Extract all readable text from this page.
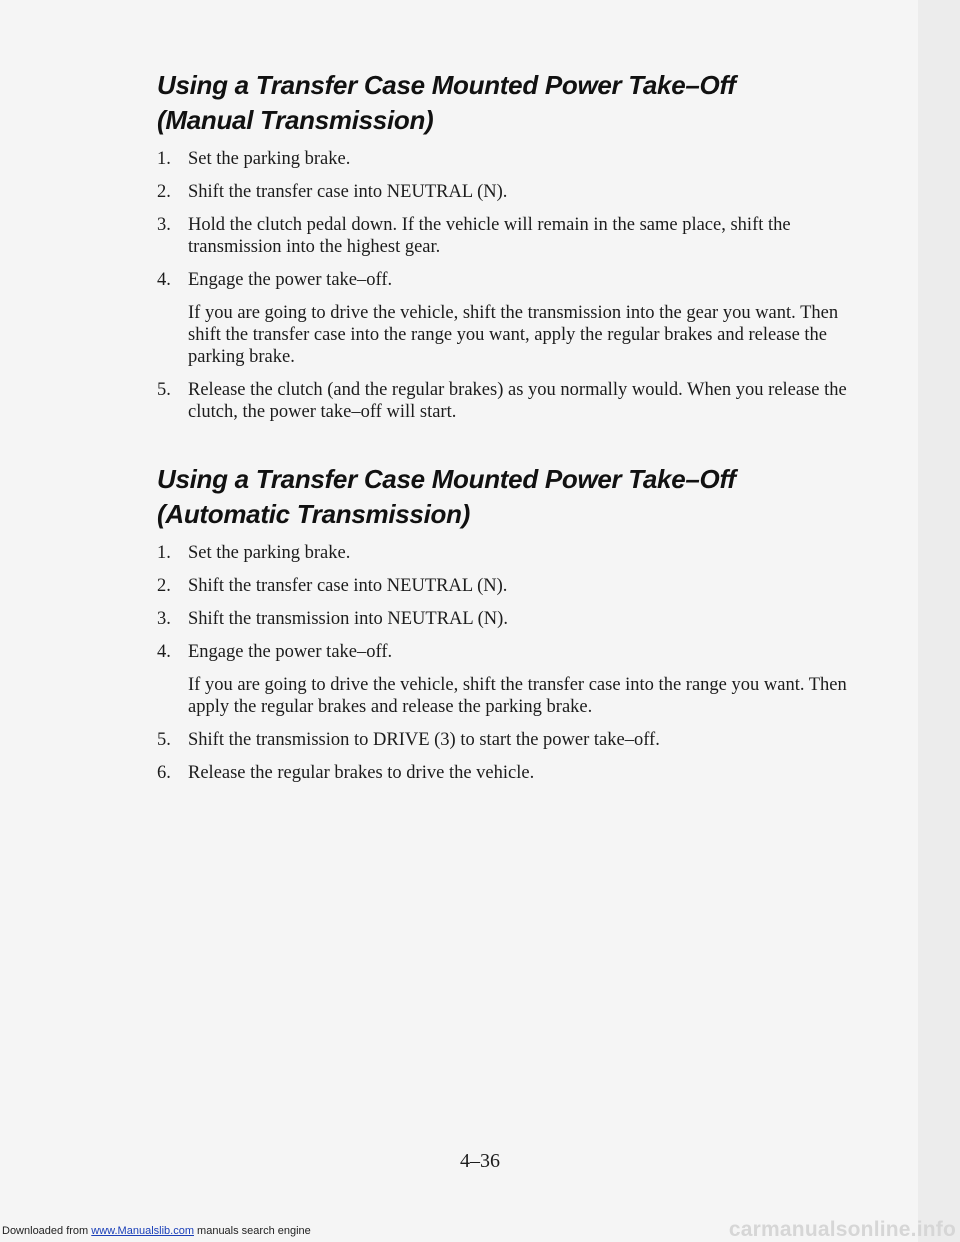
Using a Transfer Case Mounted Power Take–Off
(Manual Transmission)
1. Set the parking brake.
2. Shift the transfer case into NEUTRAL (N).
3. Hold the clutch pedal down. If the vehicle will remain in the same place, shift the transmission into the highest gear.
4. Engage the power take–off.
If you are going to drive the vehicle, shift the transmission into the gear you want. Then shift the transfer case into the range you want, apply the regular brakes and release the parking brake.
5. Release the clutch (and the regular brakes) as you normally would. When you release the clutch, the power take–off will start.
Using a Transfer Case Mounted Power Take–Off
(Automatic Transmission)
1. Set the parking brake.
2. Shift the transfer case into NEUTRAL (N).
3. Shift the transmission into NEUTRAL (N).
4. Engage the power take–off.
If you are going to drive the vehicle, shift the transfer case into the range you want. Then apply the regular brakes and release the parking brake.
5. Shift the transmission to DRIVE (3) to start the power take–off.
6. Release the regular brakes to drive the vehicle.
4–36
Downloaded from www.Manualslib.com manuals search engine	carmanualsonline.info
